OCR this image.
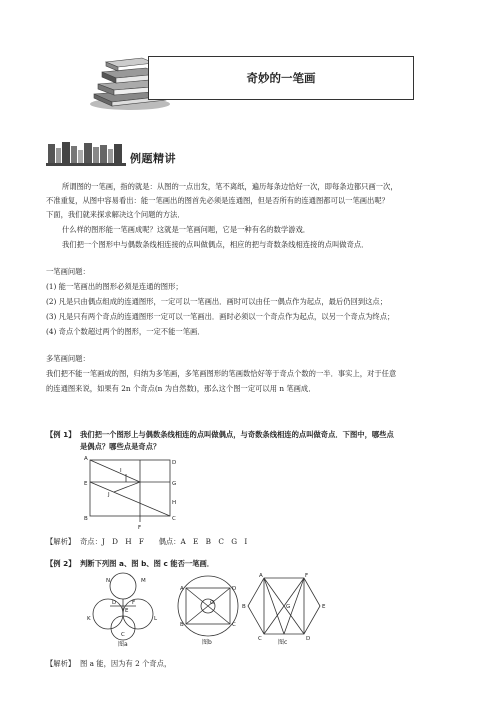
奇妙的一笔画
例题精讲
所谓图的一笔画，指的就是：从图的一点出发，笔不离纸，遍历每条边恰好一次，即每条边都只画一次，
不准重复，从图中容易看出：能一笔画出的图首先必须是连通图，但是否所有的连通图都可以一笔画出呢？
下面，我们就来探求解决这个问题的方法．
什么样的图形能一笔画成呢？这就是一笔画问题，它是一种有名的数学游戏．
我们把一个图形中与偶数条线相连接的点叫做偶点，相应的把与奇数条线相连接的点叫做奇点．
一笔画问题：
(1) 能一笔画出的图形必须是连通的图形；
(2) 凡是只由偶点组成的连通图形，一定可以一笔画出．画时可以由任一偶点作为起点，最后仍回到这点；
(3) 凡是只有两个奇点的连通图形一定可以一笔画出．画时必须以一个奇点作为起点，以另一个奇点为终点；
(4) 奇点个数超过两个的图形，一定不能一笔画．
多笔画问题：
我们把不能一笔画成的图，归纳为多笔画，多笔画图形的笔画数恰好等于奇点个数的一半．事实上，对于任意
的连通图来说，如果有 2n 个奇点(n 为自然数)，那么这个图一定可以用 n 笔画成．
【例 1】 我们把一个图形上与偶数条线相连的点叫做偶点，与奇数条线相连的点叫做奇点．下图中，哪些点
是偶点？哪些点是奇点？
A
D
I
E	G
J
H
B	C
F
【解析】 奇点：J　D　H　F　　偶点：A　E　B　C　G　I
【例 2】 判断下列图 a、图 b、图 c 能否一笔画．
N	M
D	F
E
K	L
C
图a
A	D
O
B	C
图b
A	F
B	G	E
C	D
图c
【解析】 图 a 能，因为有 2 个奇点，
